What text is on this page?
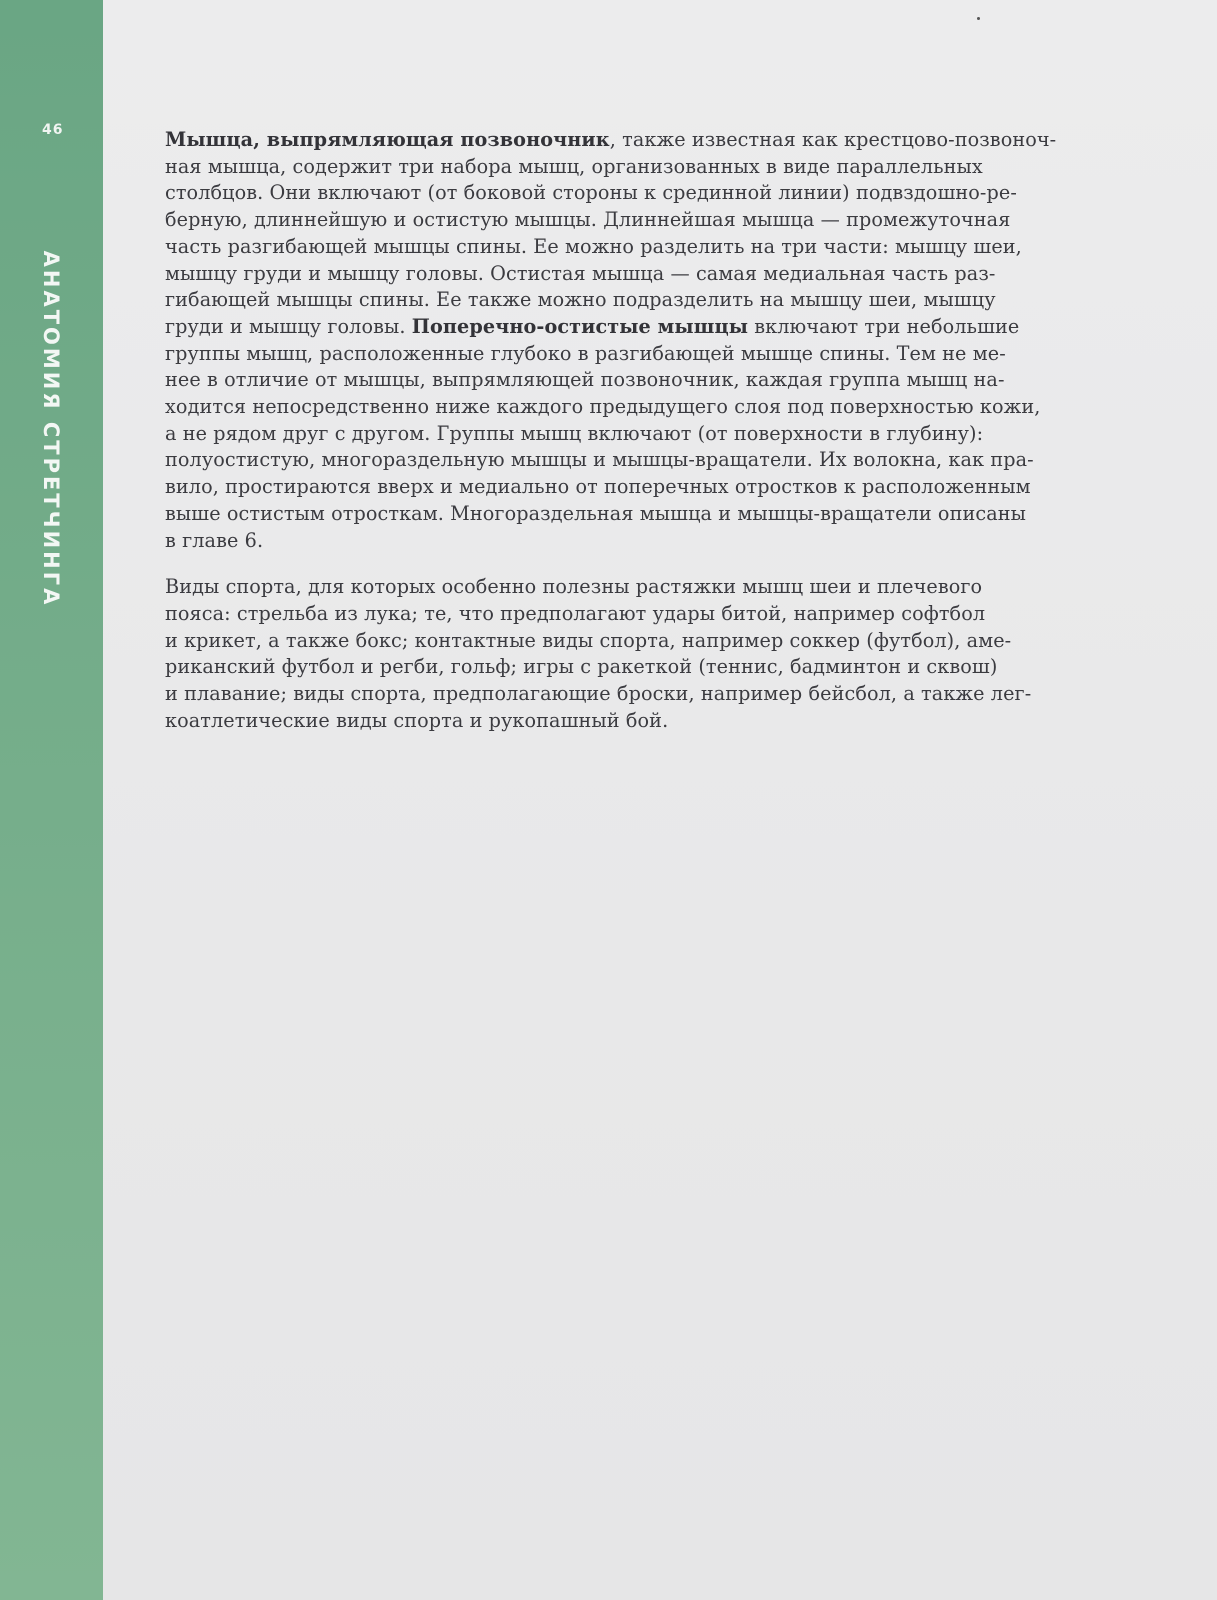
46
АНАТОМИЯ СТРЕТЧИНГА

Мышца, выпрямляющая позвоночник, также известная как крестцово-позвоноч-
ная мышца, содержит три набора мышц, организованных в виде параллельных
столбцов. Они включают (от боковой стороны к срединной линии) подвздошно-ре-
берную, длиннейшую и остистую мышцы. Длиннейшая мышца — промежуточная
часть разгибающей мышцы спины. Ее можно разделить на три части: мышцу шеи,
мышцу груди и мышцу головы. Остистая мышца — самая медиальная часть раз-
гибающей мышцы спины. Ее также можно подразделить на мышцу шеи, мышцу
груди и мышцу головы. Поперечно-остистые мышцы включают три небольшие
группы мышц, расположенные глубоко в разгибающей мышце спины. Тем не ме-
нее в отличие от мышцы, выпрямляющей позвоночник, каждая группа мышц на-
ходится непосредственно ниже каждого предыдущего слоя под поверхностью кожи,
а не рядом друг с другом. Группы мышц включают (от поверхности в глубину):
полуостистую, многораздельную мышцы и мышцы-вращатели. Их волокна, как пра-
вило, простираются вверх и медиально от поперечных отростков к расположенным
выше остистым отросткам. Многораздельная мышца и мышцы-вращатели описаны
в главе 6.

Виды спорта, для которых особенно полезны растяжки мышц шеи и плечевого
пояса: стрельба из лука; те, что предполагают удары битой, например софтбол
и крикет, а также бокс; контактные виды спорта, например соккер (футбол), аме-
риканский футбол и регби, гольф; игры с ракеткой (теннис, бадминтон и сквош)
и плавание; виды спорта, предполагающие броски, например бейсбол, а также лег-
коатлетические виды спорта и рукопашный бой.
